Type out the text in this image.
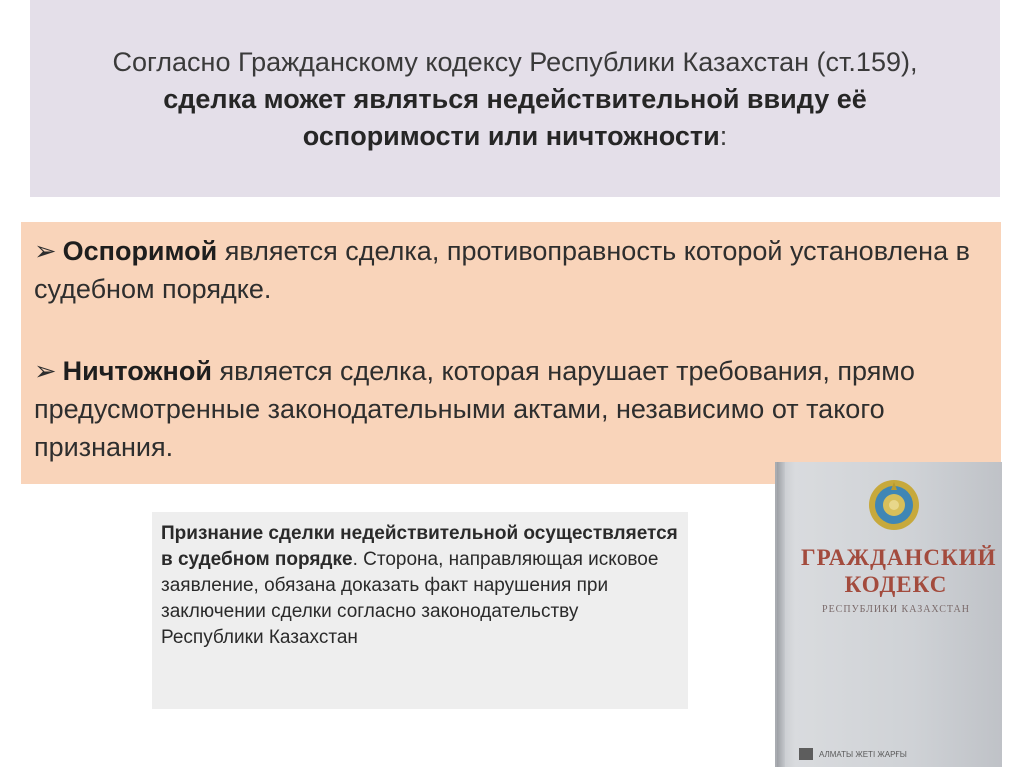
Согласно Гражданскому кодексу Республики Казахстан (ст.159), сделка может являться недействительной ввиду её оспоримости или ничтожности:
➢ Оспоримой является сделка, противоправность которой установлена в судебном порядке.
➢ Ничтожной является сделка, которая нарушает требования, прямо предусмотренные законодательными актами, независимо от такого признания.
Признание сделки недействительной осуществляется в судебном порядке. Сторона, направляющая исковое заявление, обязана доказать факт нарушения при заключении сделки согласно законодательству Республики Казахстан
ГРАЖДАНСКИЙ
КОДЕКС
РЕСПУБЛИКИ КАЗАХСТАН
АЛМАТЫ ЖЕТІ ЖАРҒЫ
